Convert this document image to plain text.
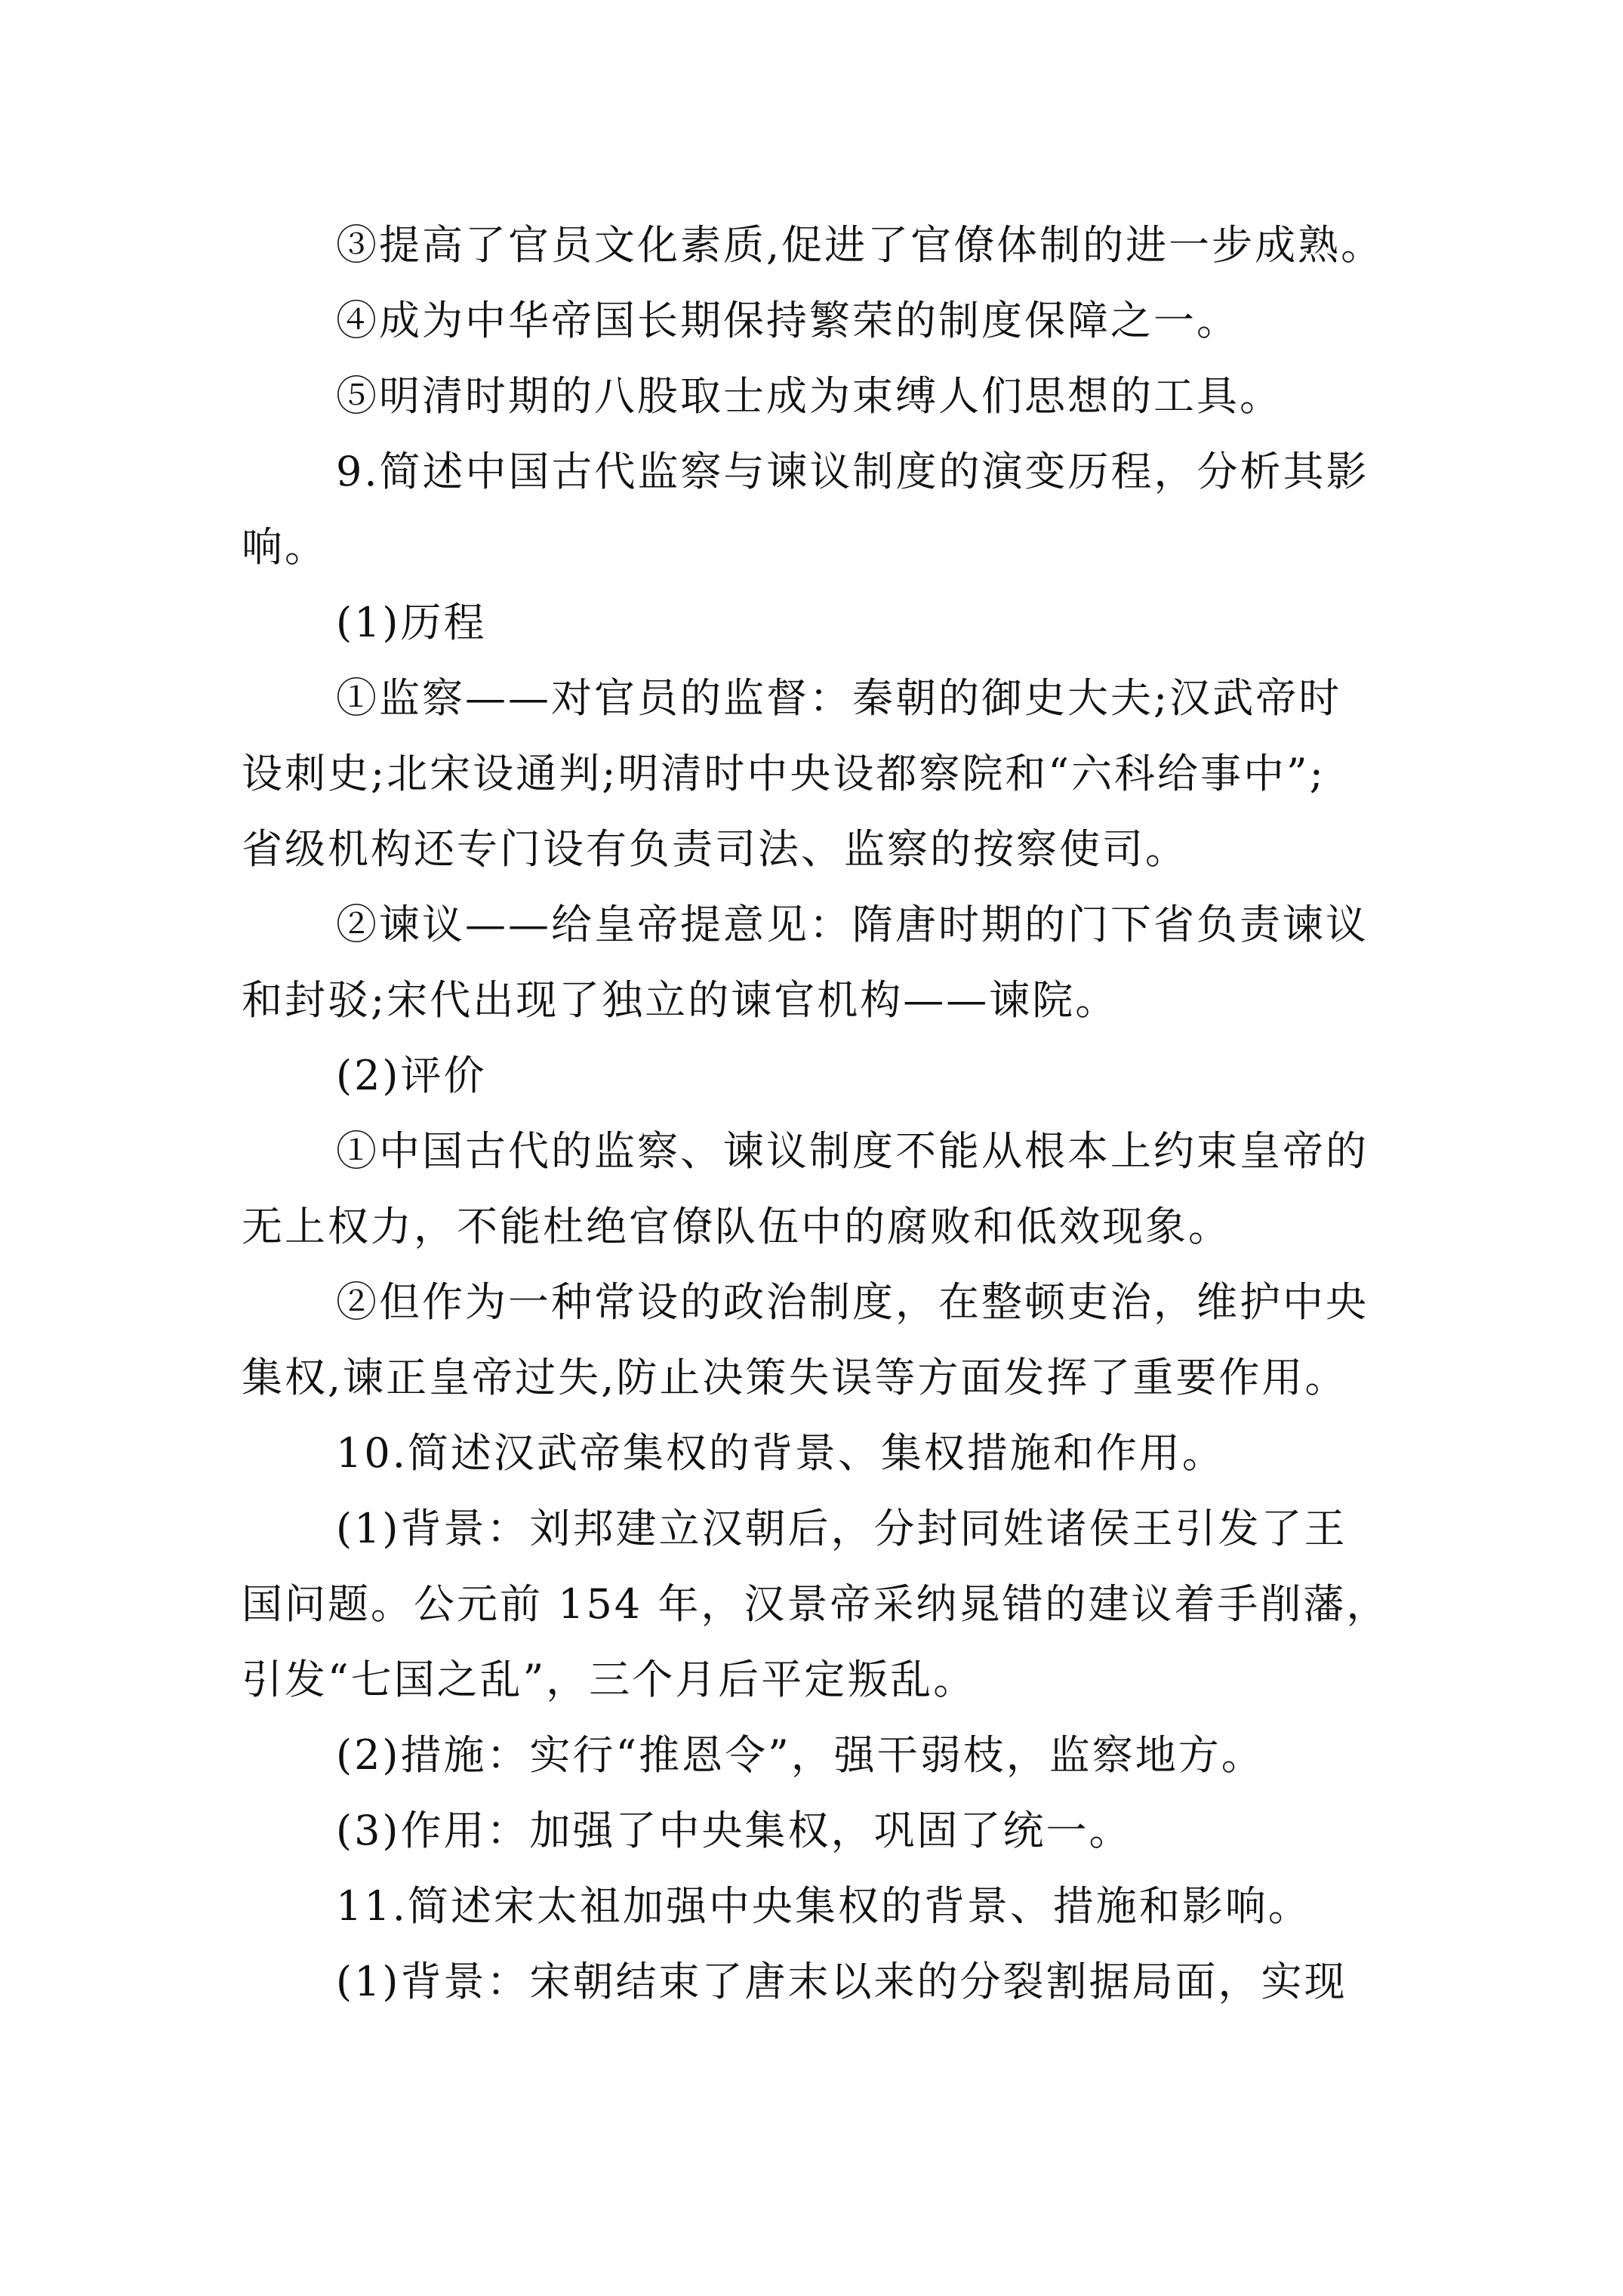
③提高了官员文化素质,促进了官僚体制的进一步成熟。
④成为中华帝国长期保持繁荣的制度保障之一。
⑤明清时期的八股取士成为束缚人们思想的工具。
9.简述中国古代监察与谏议制度的演变历程，分析其影
响。
(1)历程
①监察——对官员的监督：秦朝的御史大夫;汉武帝时
设刺史;北宋设通判;明清时中央设都察院和“六科给事中”;
省级机构还专门设有负责司法、监察的按察使司。
②谏议——给皇帝提意见：隋唐时期的门下省负责谏议
和封驳;宋代出现了独立的谏官机构——谏院。
(2)评价
①中国古代的监察、谏议制度不能从根本上约束皇帝的
无上权力，不能杜绝官僚队伍中的腐败和低效现象。
②但作为一种常设的政治制度，在整顿吏治，维护中央
集权,谏正皇帝过失,防止决策失误等方面发挥了重要作用。
10.简述汉武帝集权的背景、集权措施和作用。
(1)背景：刘邦建立汉朝后，分封同姓诸侯王引发了王
国问题。公元前 154 年，汉景帝采纳晁错的建议着手削藩，
引发“七国之乱”，三个月后平定叛乱。
(2)措施：实行“推恩令”，强干弱枝，监察地方。
(3)作用：加强了中央集权，巩固了统一。
11.简述宋太祖加强中央集权的背景、措施和影响。
(1)背景：宋朝结束了唐末以来的分裂割据局面，实现
